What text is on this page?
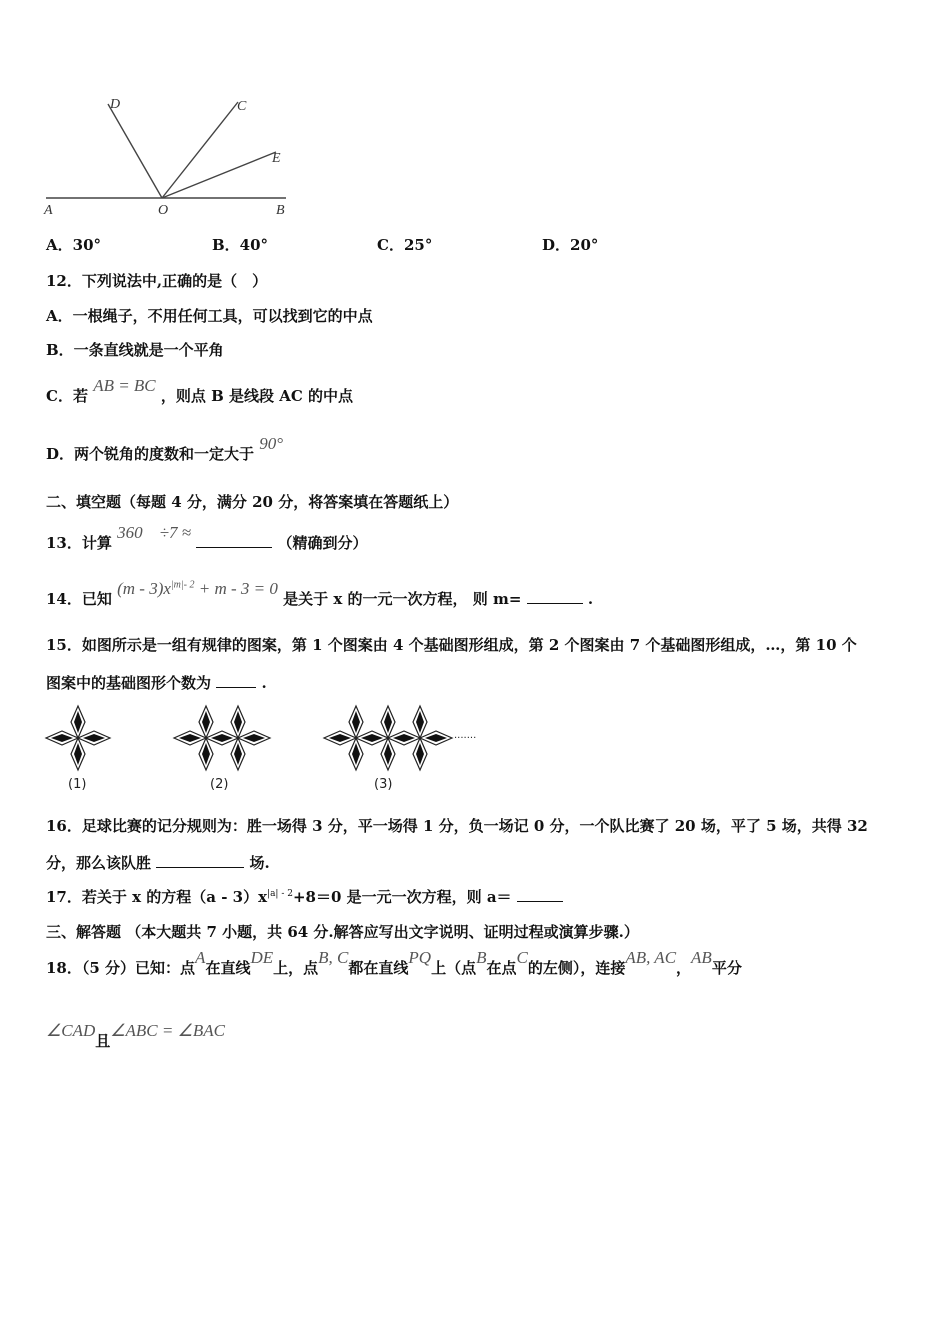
D	C
E
A	O	B
A．30°	B．40°	C．25°	D．20°
12．下列说法中,正确的是（　）
A．一根绳子，不用任何工具，可以找到它的中点
B．一条直线就是一个平角
C．若 AB = BC ，则点 B 是线段 AC 的中点
D．两个锐角的度数和一定大于 90°
二、填空题（每题 4 分，满分 20 分，将答案填在答题纸上）
13．计算 360　÷7 ≈  （精确到分）
14．已知 $(m - 3)x^{|m|- 2} + m - 3 = 0$ 是关于 x 的一元一次方程， 则 m=	.
15．如图所示是一组有规律的图案，第 1 个图案由 4 个基础图形组成，第 2 个图案由 7 个基础图形组成，…，第 10 个
图案中的基础图形个数为	.
·······
(1)	(2)	(3)
16．足球比赛的记分规则为：胜一场得 3 分，平一场得 1 分，负一场记 0 分，一个队比赛了 20 场，平了 5 场，共得 32
分，那么该队胜	场.
17．若关于 x 的方程$(a - 3)x^{|a| - 2}+8=0$ 是一元一次方程，则 a＝
三、解答题 （本大题共 7 小题，共 64 分.解答应写出文字说明、证明过程或演算步骤.）
18．（5 分）已知：点A在直线DE上，点B, C都在直线PQ上（点B在点C的左侧），连接AB, AC，AB平分
∠CAD且∠ABC = ∠BAC
